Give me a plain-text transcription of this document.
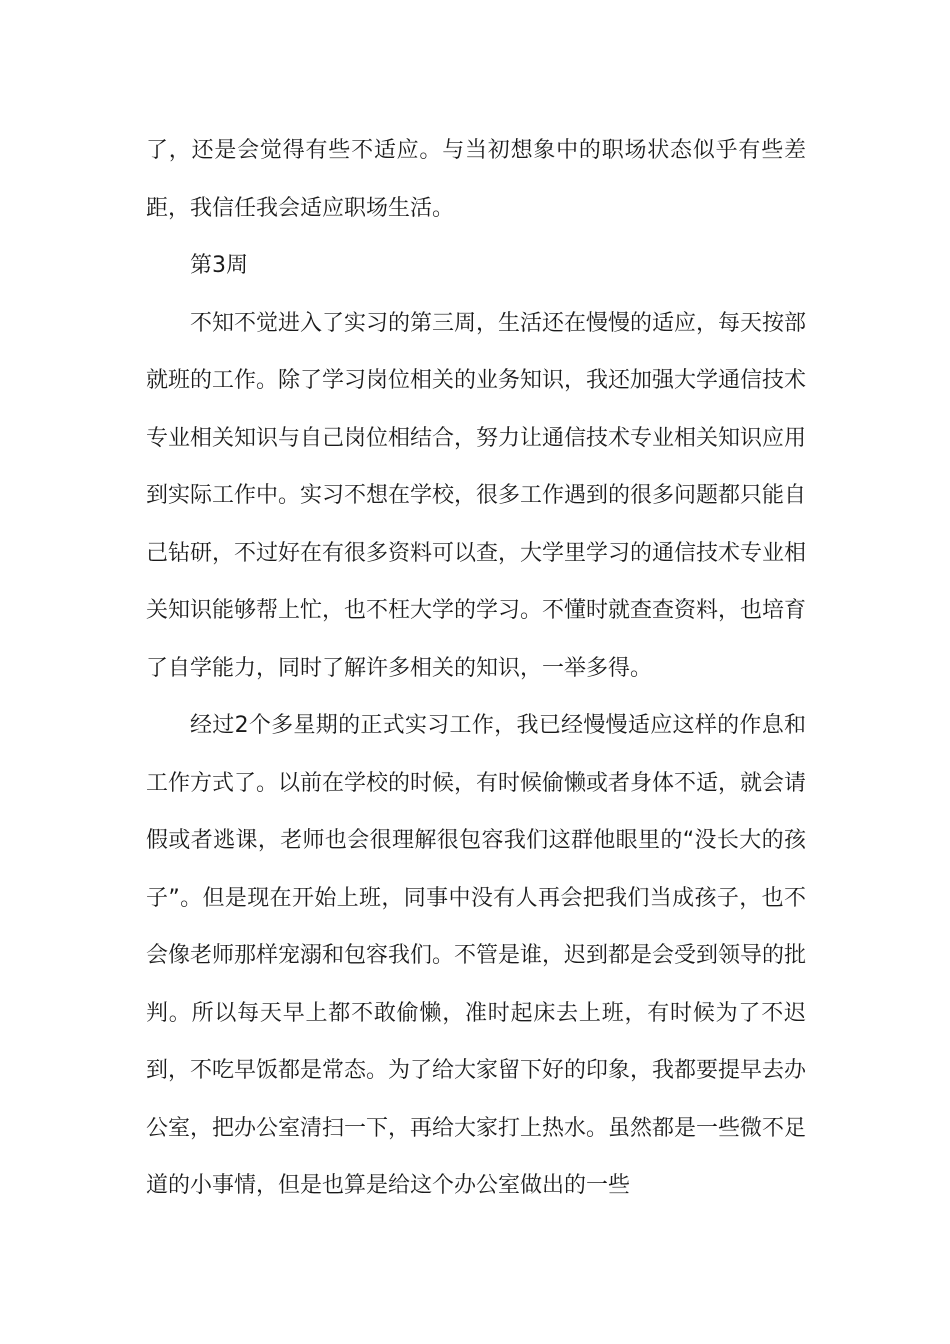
了，还是会觉得有些不适应。与当初想象中的职场状态似乎有些差距，我信任我会适应职场生活。

第3周

不知不觉进入了实习的第三周，生活还在慢慢的适应，每天按部就班的工作。除了学习岗位相关的业务知识，我还加强大学通信技术专业相关知识与自己岗位相结合，努力让通信技术专业相关知识应用到实际工作中。实习不想在学校，很多工作遇到的很多问题都只能自己钻研，不过好在有很多资料可以查，大学里学习的通信技术专业相关知识能够帮上忙，也不枉大学的学习。不懂时就查查资料，也培育了自学能力，同时了解许多相关的知识，一举多得。

经过2个多星期的正式实习工作，我已经慢慢适应这样的作息和工作方式了。以前在学校的时候，有时候偷懒或者身体不适，就会请假或者逃课，老师也会很理解很包容我们这群他眼里的“没长大的孩子”。但是现在开始上班，同事中没有人再会把我们当成孩子，也不会像老师那样宠溺和包容我们。不管是谁，迟到都是会受到领导的批判。所以每天早上都不敢偷懒，准时起床去上班，有时候为了不迟到，不吃早饭都是常态。为了给大家留下好的印象，我都要提早去办公室，把办公室清扫一下，再给大家打上热水。虽然都是一些微不足道的小事情，但是也算是给这个办公室做出的一些
